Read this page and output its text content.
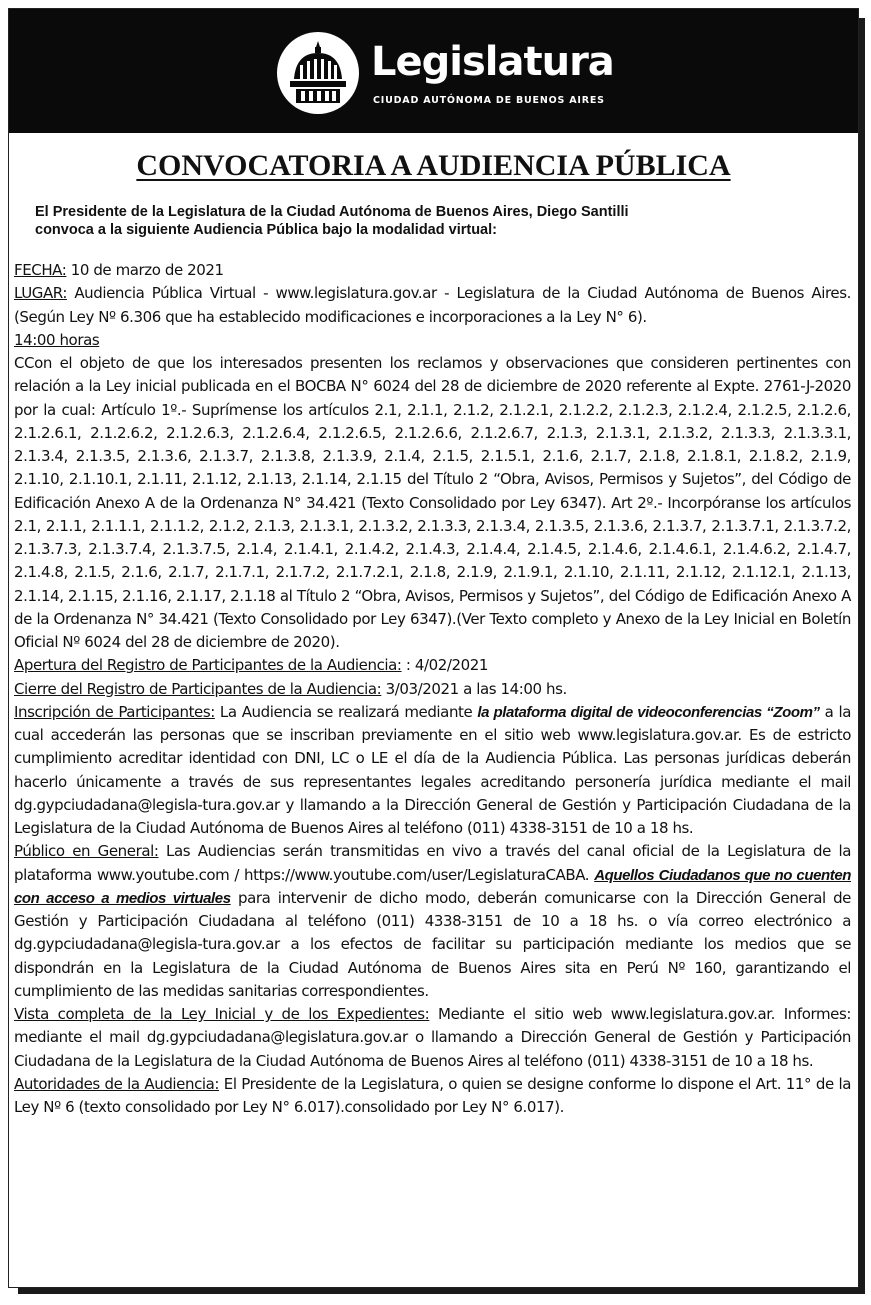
Legislatura
CIUDAD AUTÓNOMA DE BUENOS AIRES
CONVOCATORIA A AUDIENCIA PÚBLICA
El Presidente de la Legislatura de la Ciudad Autónoma de Buenos Aires, Diego Santilli
convoca a la siguiente Audiencia Pública bajo la modalidad virtual:

FECHA: 10 de marzo de 2021

LUGAR: Audiencia Pública Virtual - www.legislatura.gov.ar - Legislatura de la Ciudad Autónoma de Buenos Aires. (Según Ley Nº 6.306 que ha establecido modificaciones e incorporaciones a la Ley N° 6).

14:00 horas

CCon el objeto de que los interesados presenten los reclamos y observaciones que consideren pertinentes con relación a la Ley inicial publicada en el BOCBA N° 6024 del 28 de diciembre de 2020 referente al Expte. 2761-J-2020 por la cual: Artículo 1º.- Suprímense los artículos 2.1, 2.1.1, 2.1.2, 2.1.2.1, 2.1.2.2, 2.1.2.3, 2.1.2.4, 2.1.2.5, 2.1.2.6, 2.1.2.6.1, 2.1.2.6.2, 2.1.2.6.3, 2.1.2.6.4, 2.1.2.6.5, 2.1.2.6.6, 2.1.2.6.7, 2.1.3, 2.1.3.1, 2.1.3.2, 2.1.3.3, 2.1.3.3.1, 2.1.3.4, 2.1.3.5, 2.1.3.6, 2.1.3.7, 2.1.3.8, 2.1.3.9, 2.1.4, 2.1.5, 2.1.5.1, 2.1.6, 2.1.7, 2.1.8, 2.1.8.1, 2.1.8.2, 2.1.9, 2.1.10, 2.1.10.1, 2.1.11, 2.1.12, 2.1.13, 2.1.14, 2.1.15 del Título 2 “Obra, Avisos, Permisos y Sujetos”, del Código de Edificación Anexo A de la Ordenanza N° 34.421 (Texto Consolidado por Ley 6347). Art 2º.- Incorpóranse los artículos 2.1, 2.1.1, 2.1.1.1, 2.1.1.2, 2.1.2, 2.1.3, 2.1.3.1, 2.1.3.2, 2.1.3.3, 2.1.3.4, 2.1.3.5, 2.1.3.6, 2.1.3.7, 2.1.3.7.1, 2.1.3.7.2, 2.1.3.7.3, 2.1.3.7.4, 2.1.3.7.5, 2.1.4, 2.1.4.1, 2.1.4.2, 2.1.4.3, 2.1.4.4, 2.1.4.5, 2.1.4.6, 2.1.4.6.1, 2.1.4.6.2, 2.1.4.7, 2.1.4.8, 2.1.5, 2.1.6, 2.1.7, 2.1.7.1, 2.1.7.2, 2.1.7.2.1, 2.1.8, 2.1.9, 2.1.9.1, 2.1.10, 2.1.11, 2.1.12, 2.1.12.1, 2.1.13, 2.1.14, 2.1.15, 2.1.16, 2.1.17, 2.1.18 al Título 2 “Obra, Avisos, Permisos y Sujetos”, del Código de Edificación Anexo A de la Ordenanza N° 34.421 (Texto Consolidado por Ley 6347).(Ver Texto completo y Anexo de la Ley Inicial en Boletín Oficial Nº 6024 del 28 de diciembre de 2020).

Apertura del Registro de Participantes de la Audiencia: : 4/02/2021

Cierre del Registro de Participantes de la Audiencia: 3/03/2021 a las 14:00 hs.

Inscripción de Participantes: La Audiencia se realizará mediante la plataforma digital de videoconferencias “Zoom” a la cual accederán las personas que se inscriban previamente en el sitio web www.legislatura.gov.ar. Es de estricto cumplimiento acreditar identidad con DNI, LC o LE el día de la Audiencia Pública. Las personas jurídicas deberán hacerlo únicamente a través de sus representantes legales acreditando personería jurídica mediante el mail dg.gypciudadana@legisla-tura.gov.ar y llamando a la Dirección General de Gestión y Participación Ciudadana de la Legislatura de la Ciudad Autónoma de Buenos Aires al teléfono (011) 4338-3151 de 10 a 18 hs.

Público en General: Las Audiencias serán transmitidas en vivo a través del canal oficial de la Legislatura de la plataforma www.youtube.com / https://www.youtube.com/user/LegislaturaCABA. Aquellos Ciudadanos que no cuenten con acceso a medios virtuales para intervenir de dicho modo, deberán comunicarse con la Dirección General de Gestión y Participación Ciudadana al teléfono (011) 4338-3151 de 10 a 18 hs. o vía correo electrónico a dg.gypciudadana@legisla-tura.gov.ar a los efectos de facilitar su participación mediante los medios que se dispondrán en la Legislatura de la Ciudad Autónoma de Buenos Aires sita en Perú Nº 160, garantizando el cumplimiento de las medidas sanitarias correspondientes.

Vista completa de la Ley Inicial y de los Expedientes: Mediante el sitio web www.legislatura.gov.ar. Informes: mediante el mail dg.gypciudadana@legislatura.gov.ar o llamando a Dirección General de Gestión y Participación Ciudadana de la Legislatura de la Ciudad Autónoma de Buenos Aires al teléfono (011) 4338-3151 de 10 a 18 hs.

Autoridades de la Audiencia: El Presidente de la Legislatura, o quien se designe conforme lo dispone el Art. 11° de la Ley Nº 6 (texto consolidado por Ley N° 6.017).consolidado por Ley N° 6.017).
